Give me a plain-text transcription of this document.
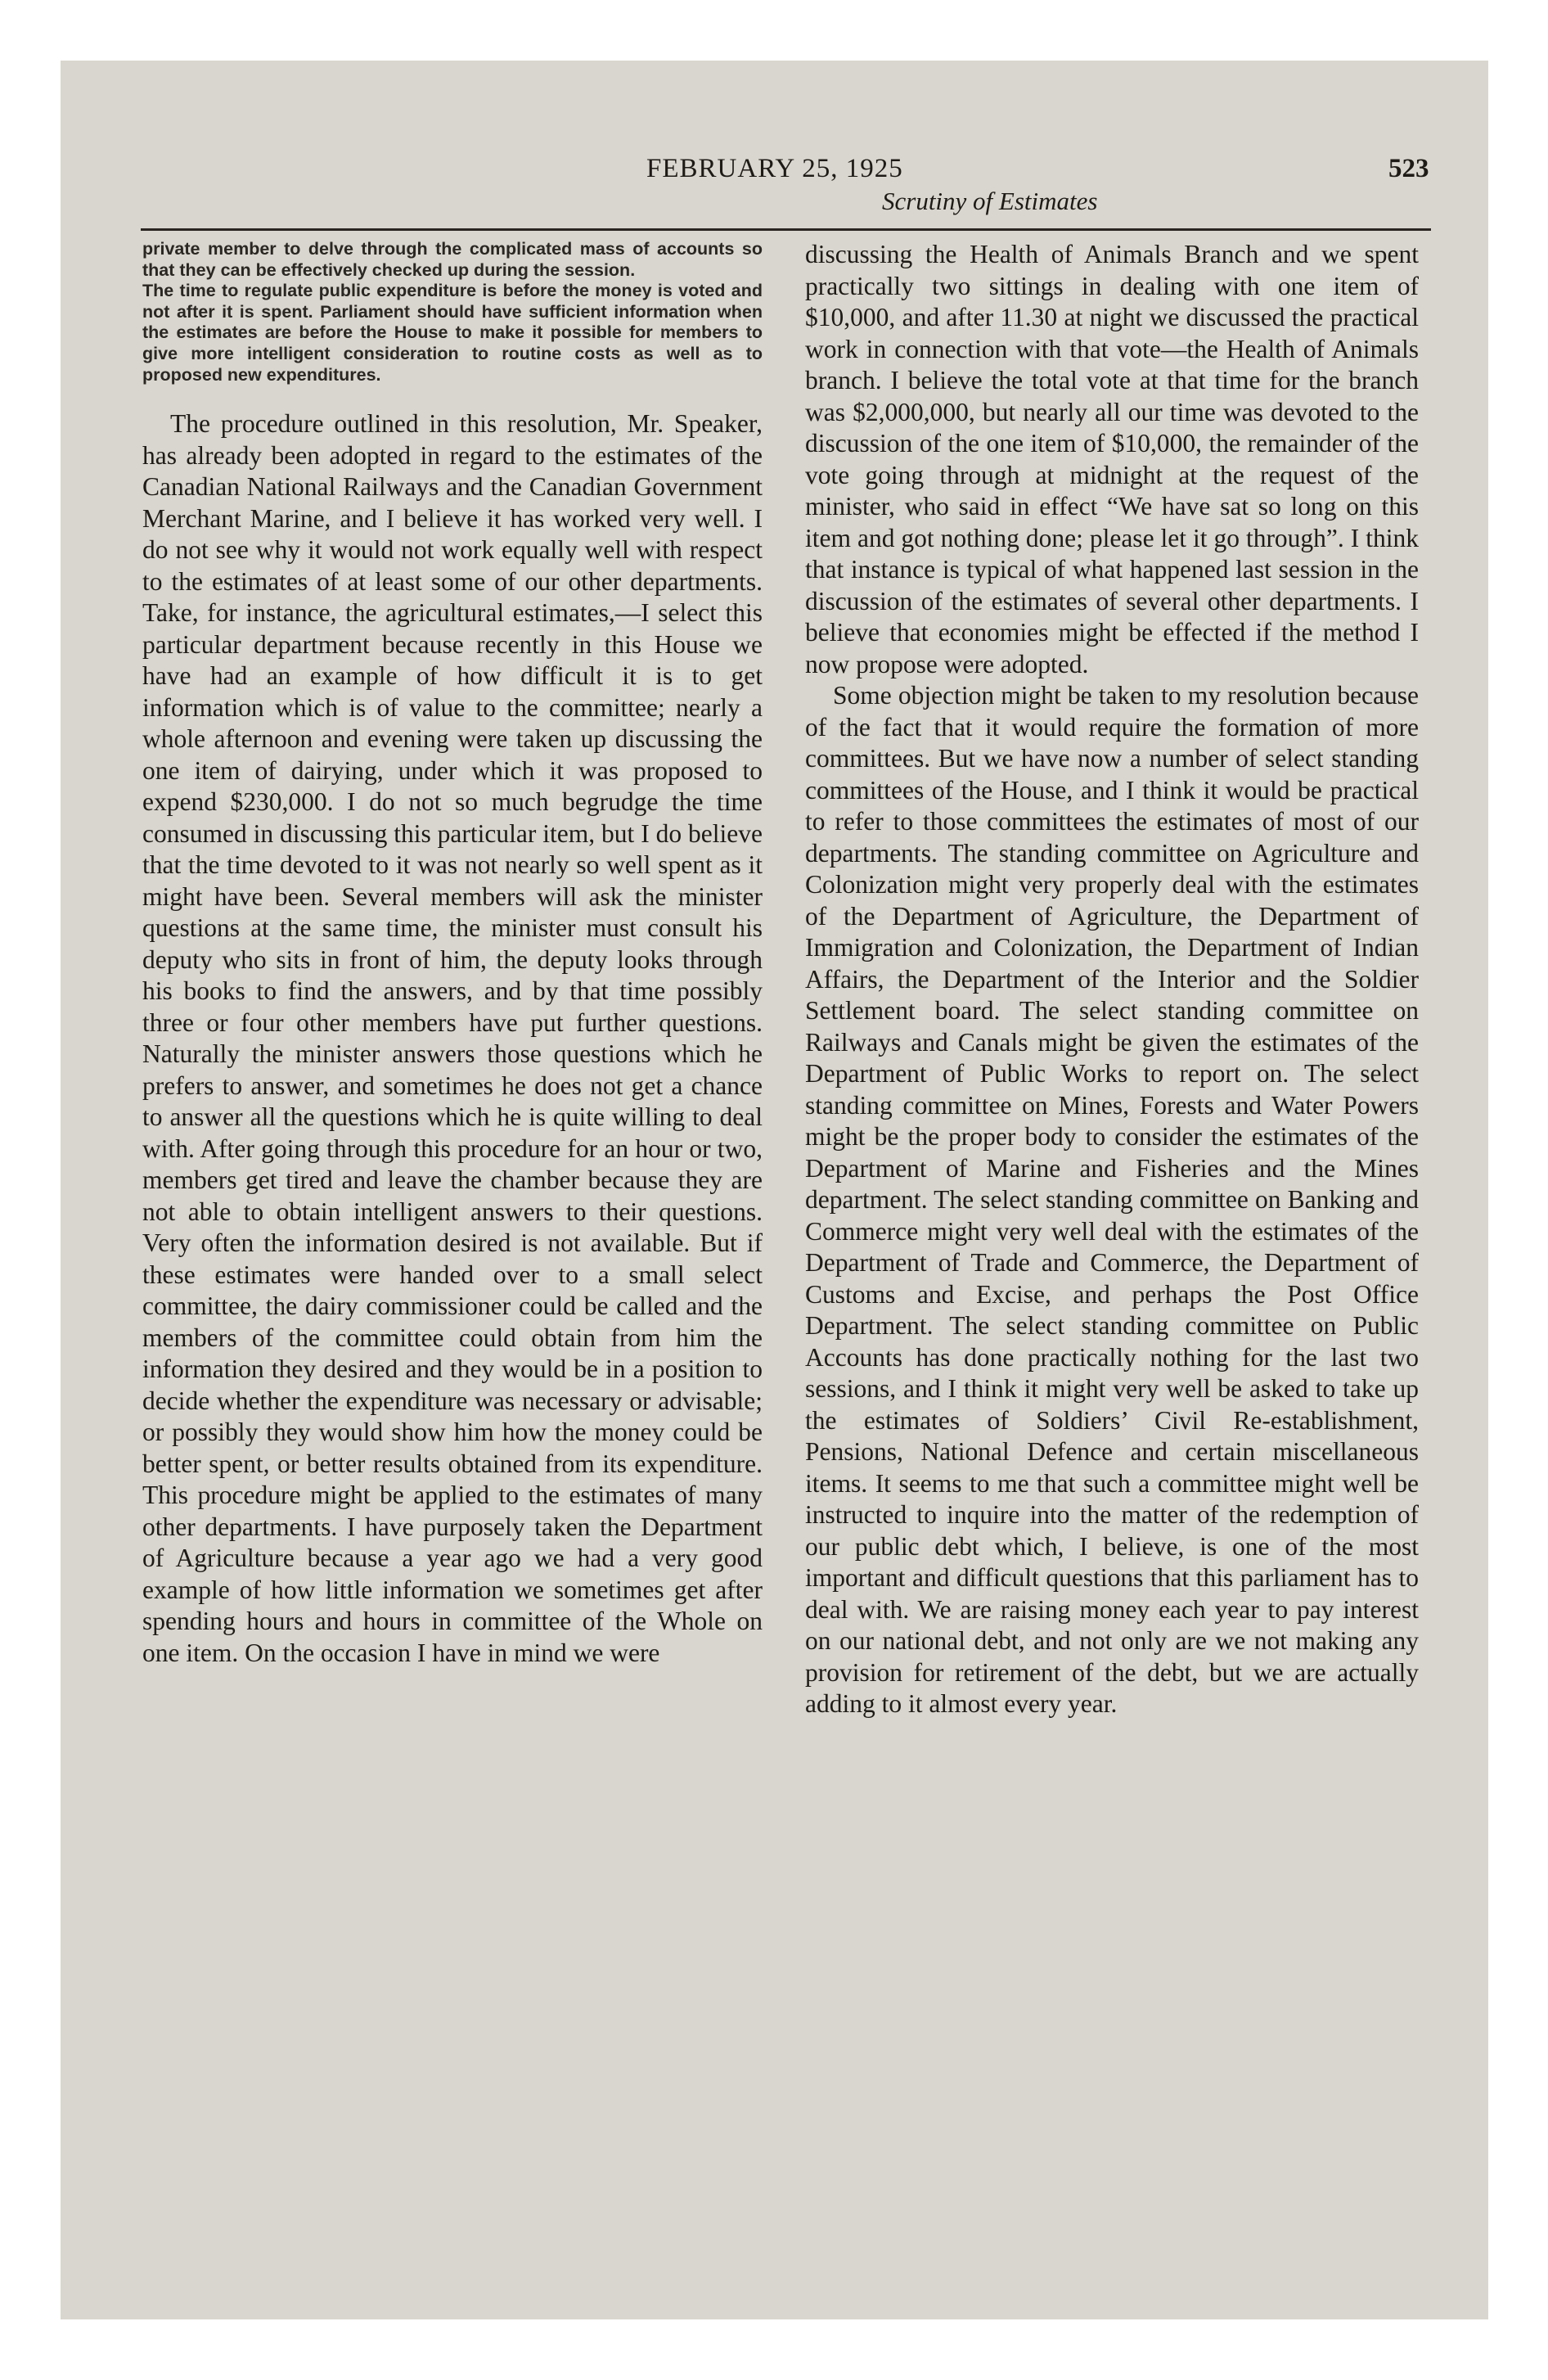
FEBRUARY 25, 1925
Scrutiny of Estimates
523

private member to delve through the complicated mass of accounts so that they can be effectively checked up during the session.

The time to regulate public expenditure is before the money is voted and not after it is spent. Parliament should have sufficient information when the estimates are before the House to make it possible for members to give more intelligent consideration to routine costs as well as to proposed new expenditures.

The procedure outlined in this resolution, Mr. Speaker, has already been adopted in regard to the estimates of the Canadian National Railways and the Canadian Government Merchant Marine, and I believe it has worked very well. I do not see why it would not work equally well with respect to the estimates of at least some of our other departments. Take, for instance, the agricultural estimates,—I select this particular department because recently in this House we have had an example of how difficult it is to get information which is of value to the committee; nearly a whole afternoon and evening were taken up discussing the one item of dairying, under which it was proposed to expend $230,000. I do not so much begrudge the time consumed in discussing this particular item, but I do believe that the time devoted to it was not nearly so well spent as it might have been. Several members will ask the minister questions at the same time, the minister must consult his deputy who sits in front of him, the deputy looks through his books to find the answers, and by that time possibly three or four other members have put further questions. Naturally the minister answers those questions which he prefers to answer, and sometimes he does not get a chance to answer all the questions which he is quite willing to deal with. After going through this procedure for an hour or two, members get tired and leave the chamber because they are not able to obtain intelligent answers to their questions. Very often the information desired is not available. But if these estimates were handed over to a small select committee, the dairy commissioner could be called and the members of the committee could obtain from him the information they desired and they would be in a position to decide whether the expenditure was necessary or advisable; or possibly they would show him how the money could be better spent, or better results obtained from its expenditure. This procedure might be applied to the estimates of many other departments. I have purposely taken the Department of Agriculture because a year ago we had a very good example of how little information we sometimes get after spending hours and hours in committee of the Whole on one item. On the occasion I have in mind we were

discussing the Health of Animals Branch and we spent practically two sittings in dealing with one item of $10,000, and after 11.30 at night we discussed the practical work in connection with that vote—the Health of Animals branch. I believe the total vote at that time for the branch was $2,000,000, but nearly all our time was devoted to the discussion of the one item of $10,000, the remainder of the vote going through at midnight at the request of the minister, who said in effect “We have sat so long on this item and got nothing done; please let it go through”. I think that instance is typical of what happened last session in the discussion of the estimates of several other departments. I believe that economies might be effected if the method I now propose were adopted.

Some objection might be taken to my resolution because of the fact that it would require the formation of more committees. But we have now a number of select standing committees of the House, and I think it would be practical to refer to those committees the estimates of most of our departments. The standing committee on Agriculture and Colonization might very properly deal with the estimates of the Department of Agriculture, the Department of Immigration and Colonization, the Department of Indian Affairs, the Department of the Interior and the Soldier Settlement board. The select standing committee on Railways and Canals might be given the estimates of the Department of Public Works to report on. The select standing committee on Mines, Forests and Water Powers might be the proper body to consider the estimates of the Department of Marine and Fisheries and the Mines department. The select standing committee on Banking and Commerce might very well deal with the estimates of the Department of Trade and Commerce, the Department of Customs and Excise, and perhaps the Post Office Department. The select standing committee on Public Accounts has done practically nothing for the last two sessions, and I think it might very well be asked to take up the estimates of Soldiers’ Civil Re-establishment, Pensions, National Defence and certain miscellaneous items. It seems to me that such a committee might well be instructed to inquire into the matter of the redemption of our public debt which, I believe, is one of the most important and difficult questions that this parliament has to deal with. We are raising money each year to pay interest on our national debt, and not only are we not making any provision for retirement of the debt, but we are actually adding to it almost every year.
